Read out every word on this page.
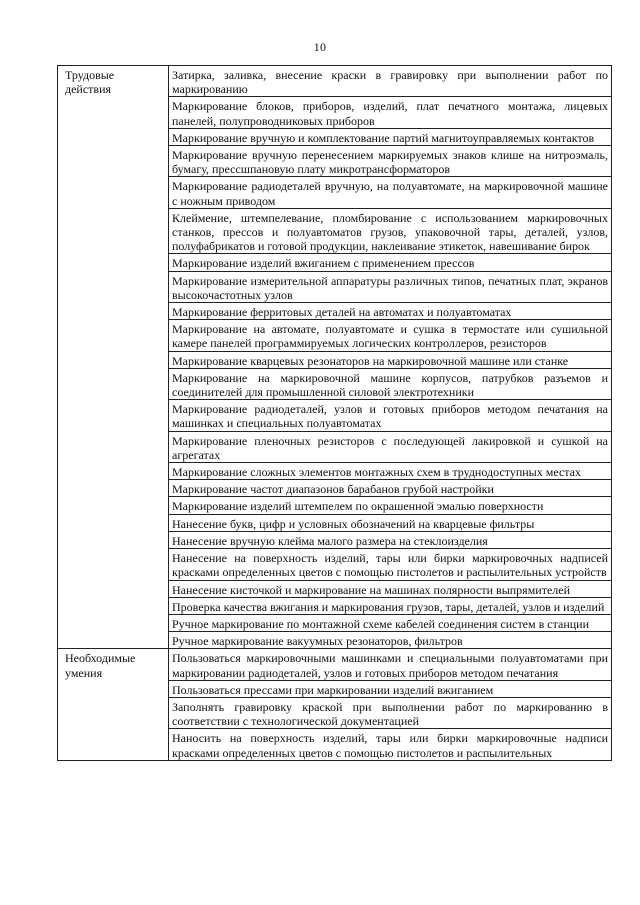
10
Трудовые действия	Затирка, заливка, внесение краски в гравировку при выполнении работ по маркированию

	Маркирование блоков, приборов, изделий, плат печатного монтажа, лицевых панелей, полупроводниковых приборов

	Маркирование вручную и комплектование партий магнитоуправляемых контактов

	Маркирование вручную перенесением маркируемых знаков клише на нитроэмаль, бумагу, прессшпановую плату микротрансформаторов

	Маркирование радиодеталей вручную, на полуавтомате, на маркировочной машине с ножным приводом

	Клеймение, штемпелевание, пломбирование с использованием маркировочных станков, прессов и полуавтоматов грузов, упаковочной тары, деталей, узлов, полуфабрикатов и готовой продукции, наклеивание этикеток, навешивание бирок

	Маркирование изделий вжиганием с применением прессов

	Маркирование измерительной аппаратуры различных типов, печатных плат, экранов высокочастотных узлов

	Маркирование ферритовых деталей на автоматах и полуавтоматах

	Маркирование на автомате, полуавтомате и сушка в термостате или сушильной камере панелей программируемых логических контроллеров, резисторов

	Маркирование кварцевых резонаторов на маркировочной машине или станке

	Маркирование на маркировочной машине корпусов, патрубков разъемов и соединителей для промышленной силовой электротехники

	Маркирование радиодеталей, узлов и готовых приборов методом печатания на машинках и специальных полуавтоматах

	Маркирование пленочных резисторов с последующей лакировкой и сушкой на агрегатах

	Маркирование сложных элементов монтажных схем в труднодоступных местах

	Маркирование частот диапазонов барабанов грубой настройки

	Маркирование изделий штемпелем по окрашенной эмалью поверхности

	Нанесение букв, цифр и условных обозначений на кварцевые фильтры

	Нанесение вручную клейма малого размера на стеклоизделия

	Нанесение на поверхность изделий, тары или бирки маркировочных надписей красками определенных цветов с помощью пистолетов и распылительных устройств

	Нанесение кисточкой и маркирование на машинах полярности выпрямителей

	Проверка качества вжигания и маркирования грузов, тары, деталей, узлов и изделий

	Ручное маркирование по монтажной схеме кабелей соединения систем в станции

	Ручное маркирование вакуумных резонаторов, фильтров

Необходимые умения	Пользоваться маркировочными машинками и специальными полуавтоматами при маркировании радиодеталей, узлов и готовых приборов методом печатания

	Пользоваться прессами при маркировании изделий вжиганием

	Заполнять гравировку краской при выполнении работ по маркированию в соответствии с технологической документацией

	Наносить на поверхность изделий, тары или бирки маркировочные надписи красками определенных цветов с помощью пистолетов и распылительных
